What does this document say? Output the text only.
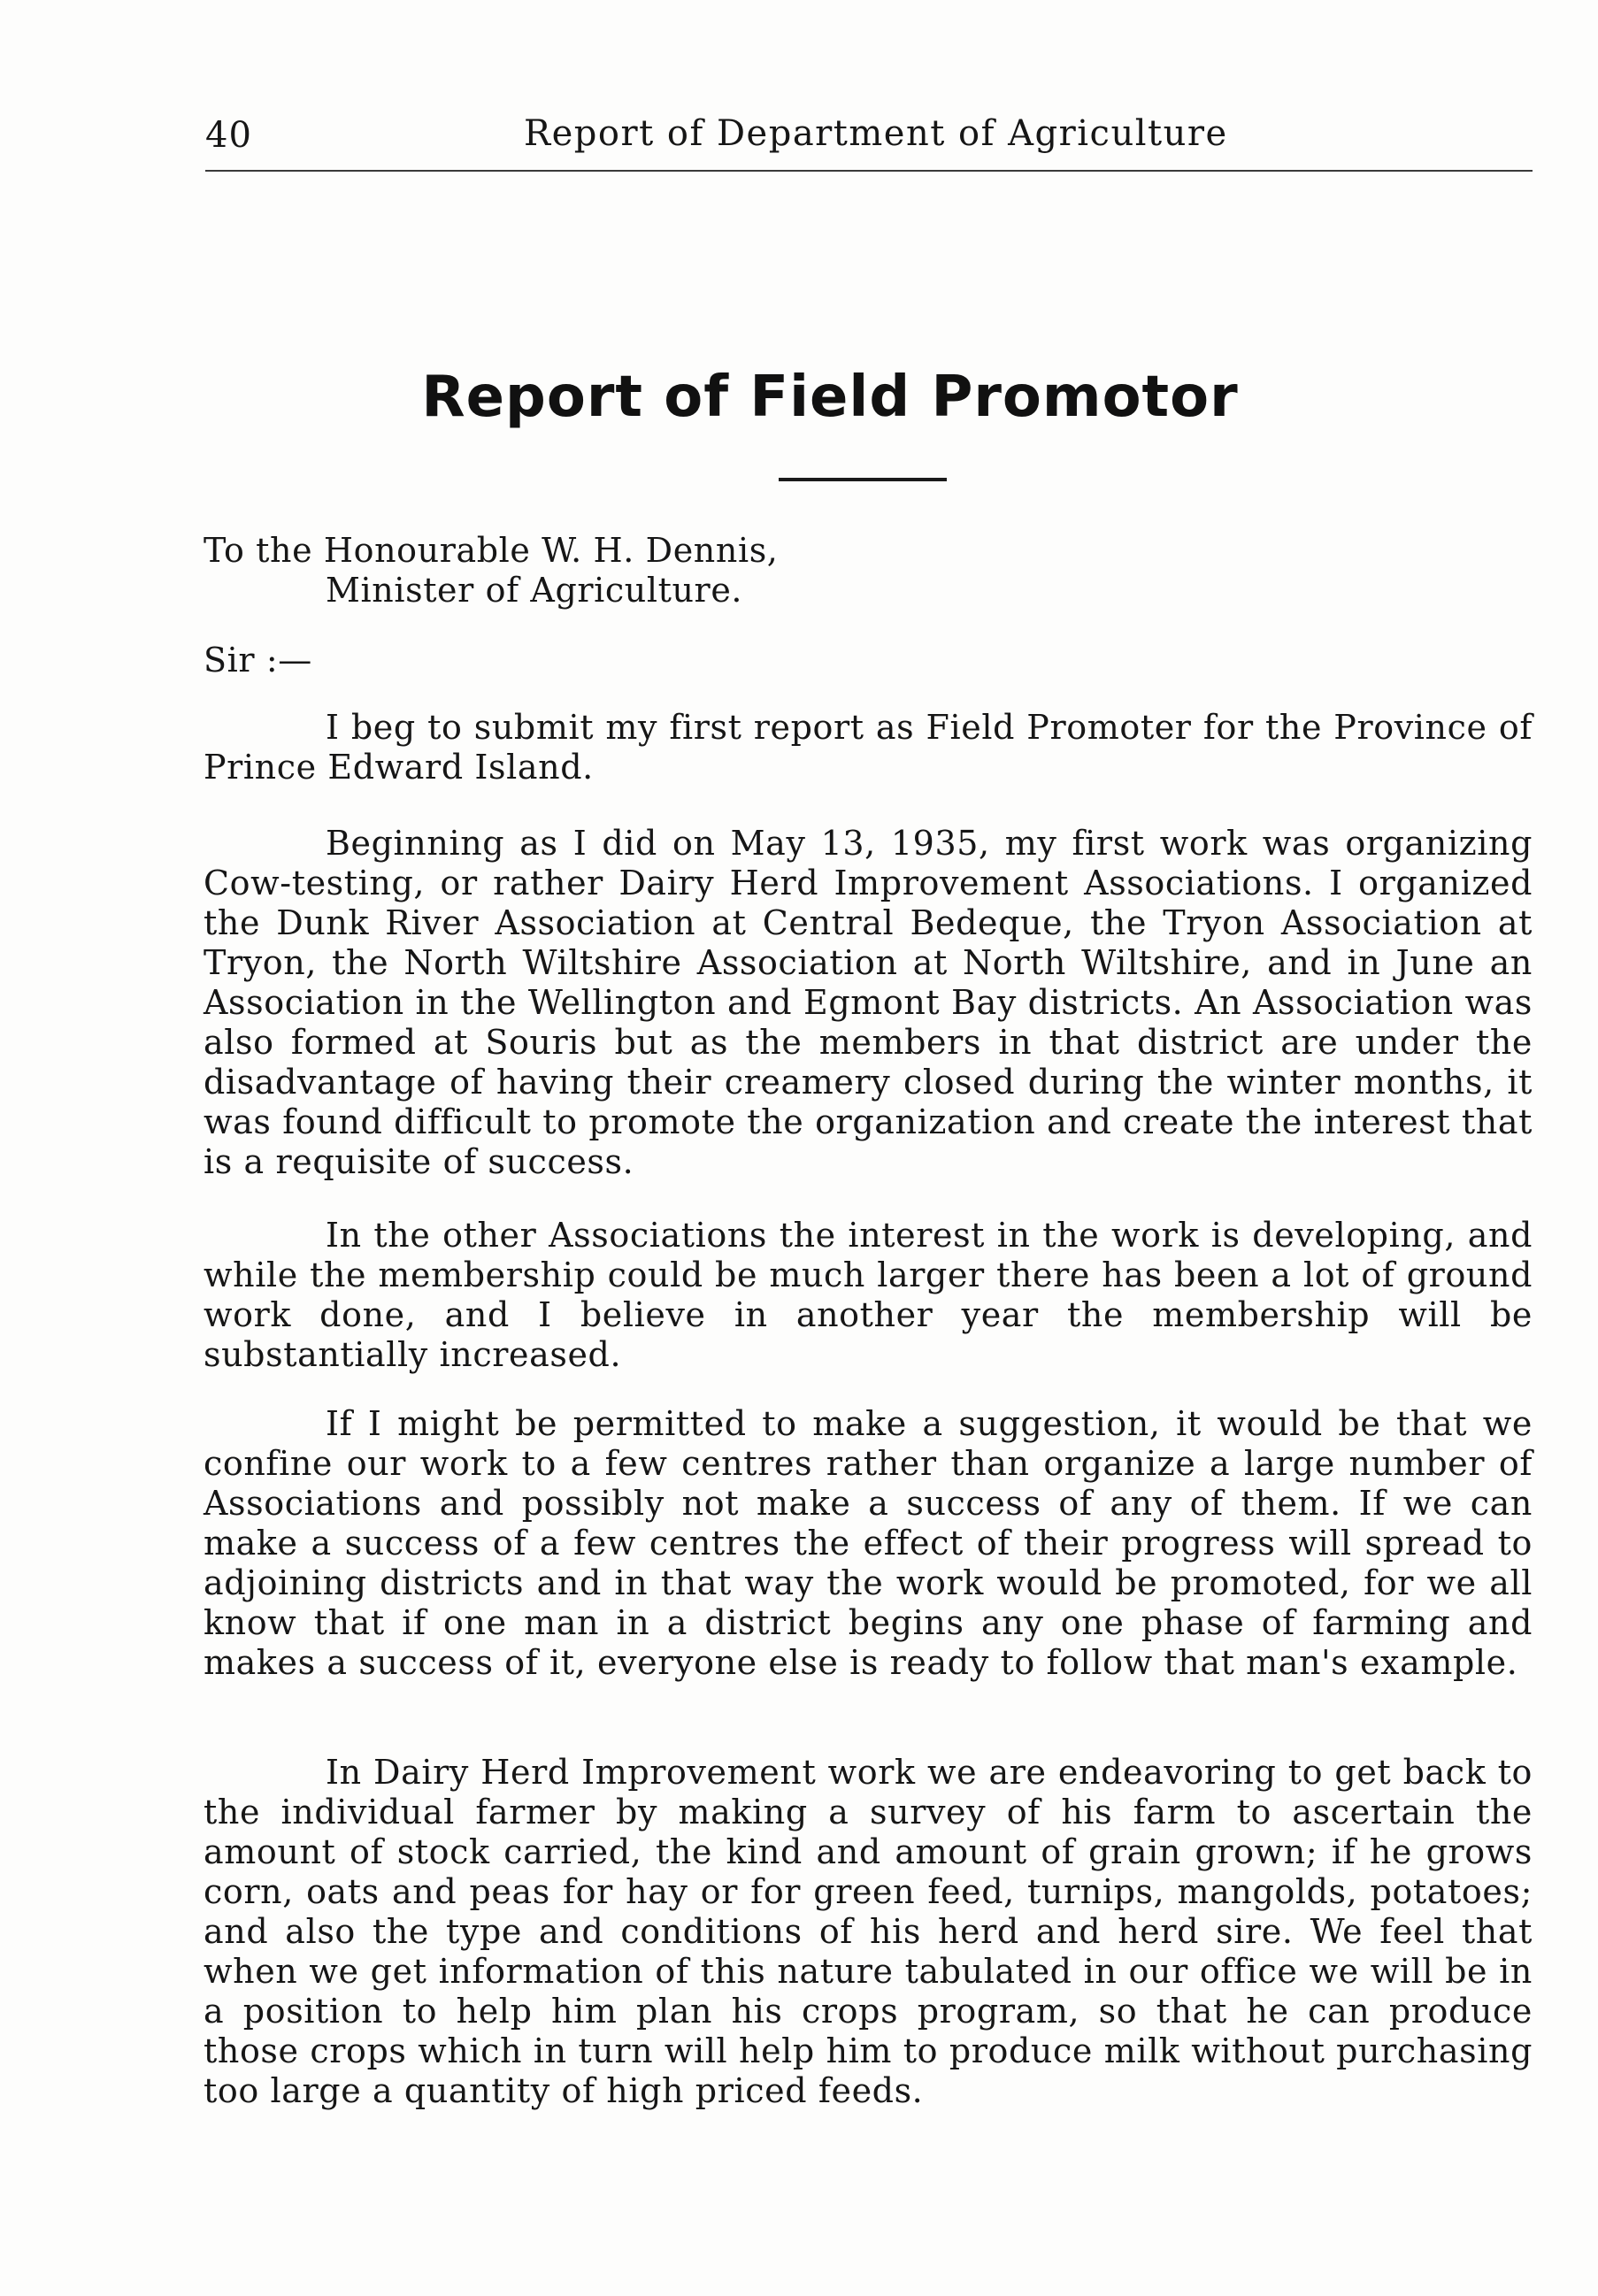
40	Report of Department of Agriculture
Report of Field Promotor
To the Honourable W. H. Dennis,
Minister of Agriculture.
Sir :—

I beg to submit my first report as Field Promoter for the Province of Prince Edward Island.

Beginning as I did on May 13, 1935, my first work was organizing Cow-testing, or rather Dairy Herd Improvement Associations. I organized the Dunk River Association at Central Bedeque, the Tryon Association at Tryon, the North Wiltshire Association at North Wiltshire, and in June an Association in the Wellington and Egmont Bay districts. An Association was also formed at Souris but as the members in that district are under the disadvantage of having their creamery closed during the winter months, it was found difficult to promote the organization and create the interest that is a requisite of success.

In the other Associations the interest in the work is developing, and while the membership could be much larger there has been a lot of ground work done, and I believe in another year the membership will be substantially increased.

If I might be permitted to make a suggestion, it would be that we confine our work to a few centres rather than organize a large number of Associations and possibly not make a success of any of them. If we can make a success of a few centres the effect of their progress will spread to adjoining districts and in that way the work would be promoted, for we all know that if one man in a district begins any one phase of farming and makes a success of it, everyone else is ready to follow that man's example.

In Dairy Herd Improvement work we are endeavoring to get back to the individual farmer by making a survey of his farm to ascertain the amount of stock carried, the kind and amount of grain grown; if he grows corn, oats and peas for hay or for green feed, turnips, mangolds, potatoes; and also the type and conditions of his herd and herd sire. We feel that when we get information of this nature tabulated in our office we will be in a position to help him plan his crops program, so that he can produce those crops which in turn will help him to produce milk without purchasing too large a quantity of high priced feeds.
